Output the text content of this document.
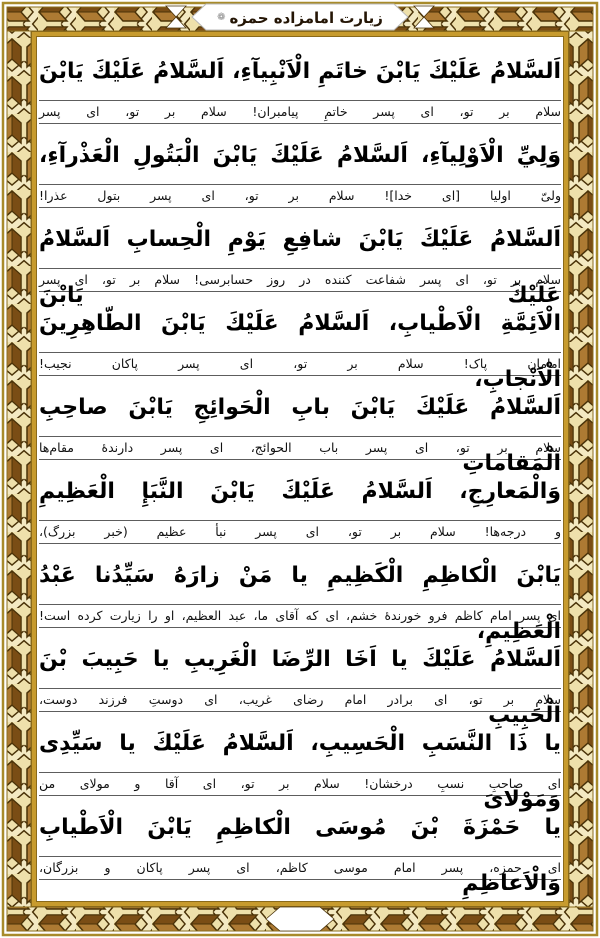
زيارت امامزاده حمزه
❁
اَلسَّلامُ عَلَيْكَ يَابْنَ خاتَمِ الْاَنْبِيآءِ، اَلسَّلامُ عَلَيْكَ يَابْنَ
سلام بر تو، اى پسر خاتمِ پيامبران! سلام بر تو، اى پسر
وَلِيِّ الْاَوْلِيآءِ، اَلسَّلامُ عَلَيْكَ يَابْنَ الْبَتُولِ الْعَذْرآءِ،
ولىّ اوليا [اى خدا]! سلام بر تو، اى پسر بتول عذرا!
اَلسَّلامُ عَلَيْكَ يَابْنَ شافِعِ يَوْمِ الْحِسابِ اَلسَّلامُ عَلَيْكَ يَابْنَ
سلام بر تو، اى پسر شفاعت كننده در روز حسابرسى! سلام بر تو، اى پسر
الْاَئِمَّةِ الْاَطْيابِ، اَلسَّلامُ عَلَيْكَ يَابْنَ الطّاهِرِينَ الْاَنْجابِ،
امامان پاک! سلام بر تو، اى پسر پاكان نجيب!
اَلسَّلامُ عَلَيْكَ يَابْنَ بابِ الْحَوائِجِ يَابْنَ صاحِبِ الْمَقاماتِ
سلام بر تو، اى پسر باب الحوائج، اى پسر دارندهٔ مقام‌ها
وَالْمَعارِجِ، اَلسَّلامُ عَلَيْكَ يَابْنَ النَّبَإِ الْعَظِيمِ
و درجه‌ها! سلام بر تو، اى پسر نبأ عظيم (خبر بزرگ)،
يَابْنَ الْكاظِمِ الْكَظِيمِ يا مَنْ زارَهُ سَيِّدُنا عَبْدُ الْعَظِيمِ،
اى پسر امام كاظم فرو خورندهٔ خشم، اى كه آقاى ما، عبد العظيم، او را زيارت كرده است!
اَلسَّلامُ عَلَيْكَ يا اَخَا الرِّضَا الْغَرِيبِ يا حَبِيبَ بْنَ الْحَبِيبِ
سلام بر تو، اى برادر امام رضاى غريب، اى دوستِ فرزند دوست،
يا ذَا النَّسَبِ الْحَسِيبِ، اَلسَّلامُ عَلَيْكَ يا سَيِّدِى وَمَوْلاىَ
اى صاحبِ نسبِ درخشان! سلام بر تو، اى آقا و مولاى من
يا حَمْزَةَ بْنَ مُوسَى الْكاظِمِ يَابْنَ الْاَطْيابِ وَالْاَعاظِمِ
اى حمزه، پسر امام موسى كاظم، اى پسر پاكان و بزرگان،
